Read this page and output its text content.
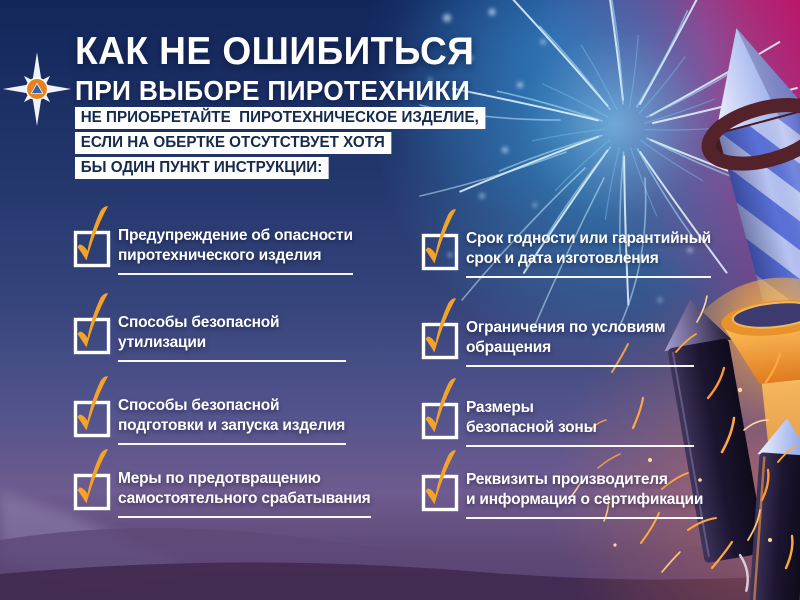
КАК НЕ ОШИБИТЬСЯ
ПРИ ВЫБОРЕ ПИРОТЕХНИКИ
НЕ ПРИОБРЕТАЙТЕ  ПИРОТЕХНИЧЕСКОЕ ИЗДЕЛИЕ,
ЕСЛИ НА ОБЕРТКЕ ОТСУТСТВУЕТ ХОТЯ
БЫ ОДИН ПУНКТ ИНСТРУКЦИИ:
Предупреждение об опасности
пиротехнического изделия
Способы безопасной
утилизации
Способы безопасной
подготовки и запуска изделия
Меры по предотвращению
самостоятельного срабатывания
Срок годности или гарантийный
срок и дата изготовления
Ограничения по условиям
обращения
Размеры
безопасной зоны
Реквизиты производителя
и информация о сертификации
